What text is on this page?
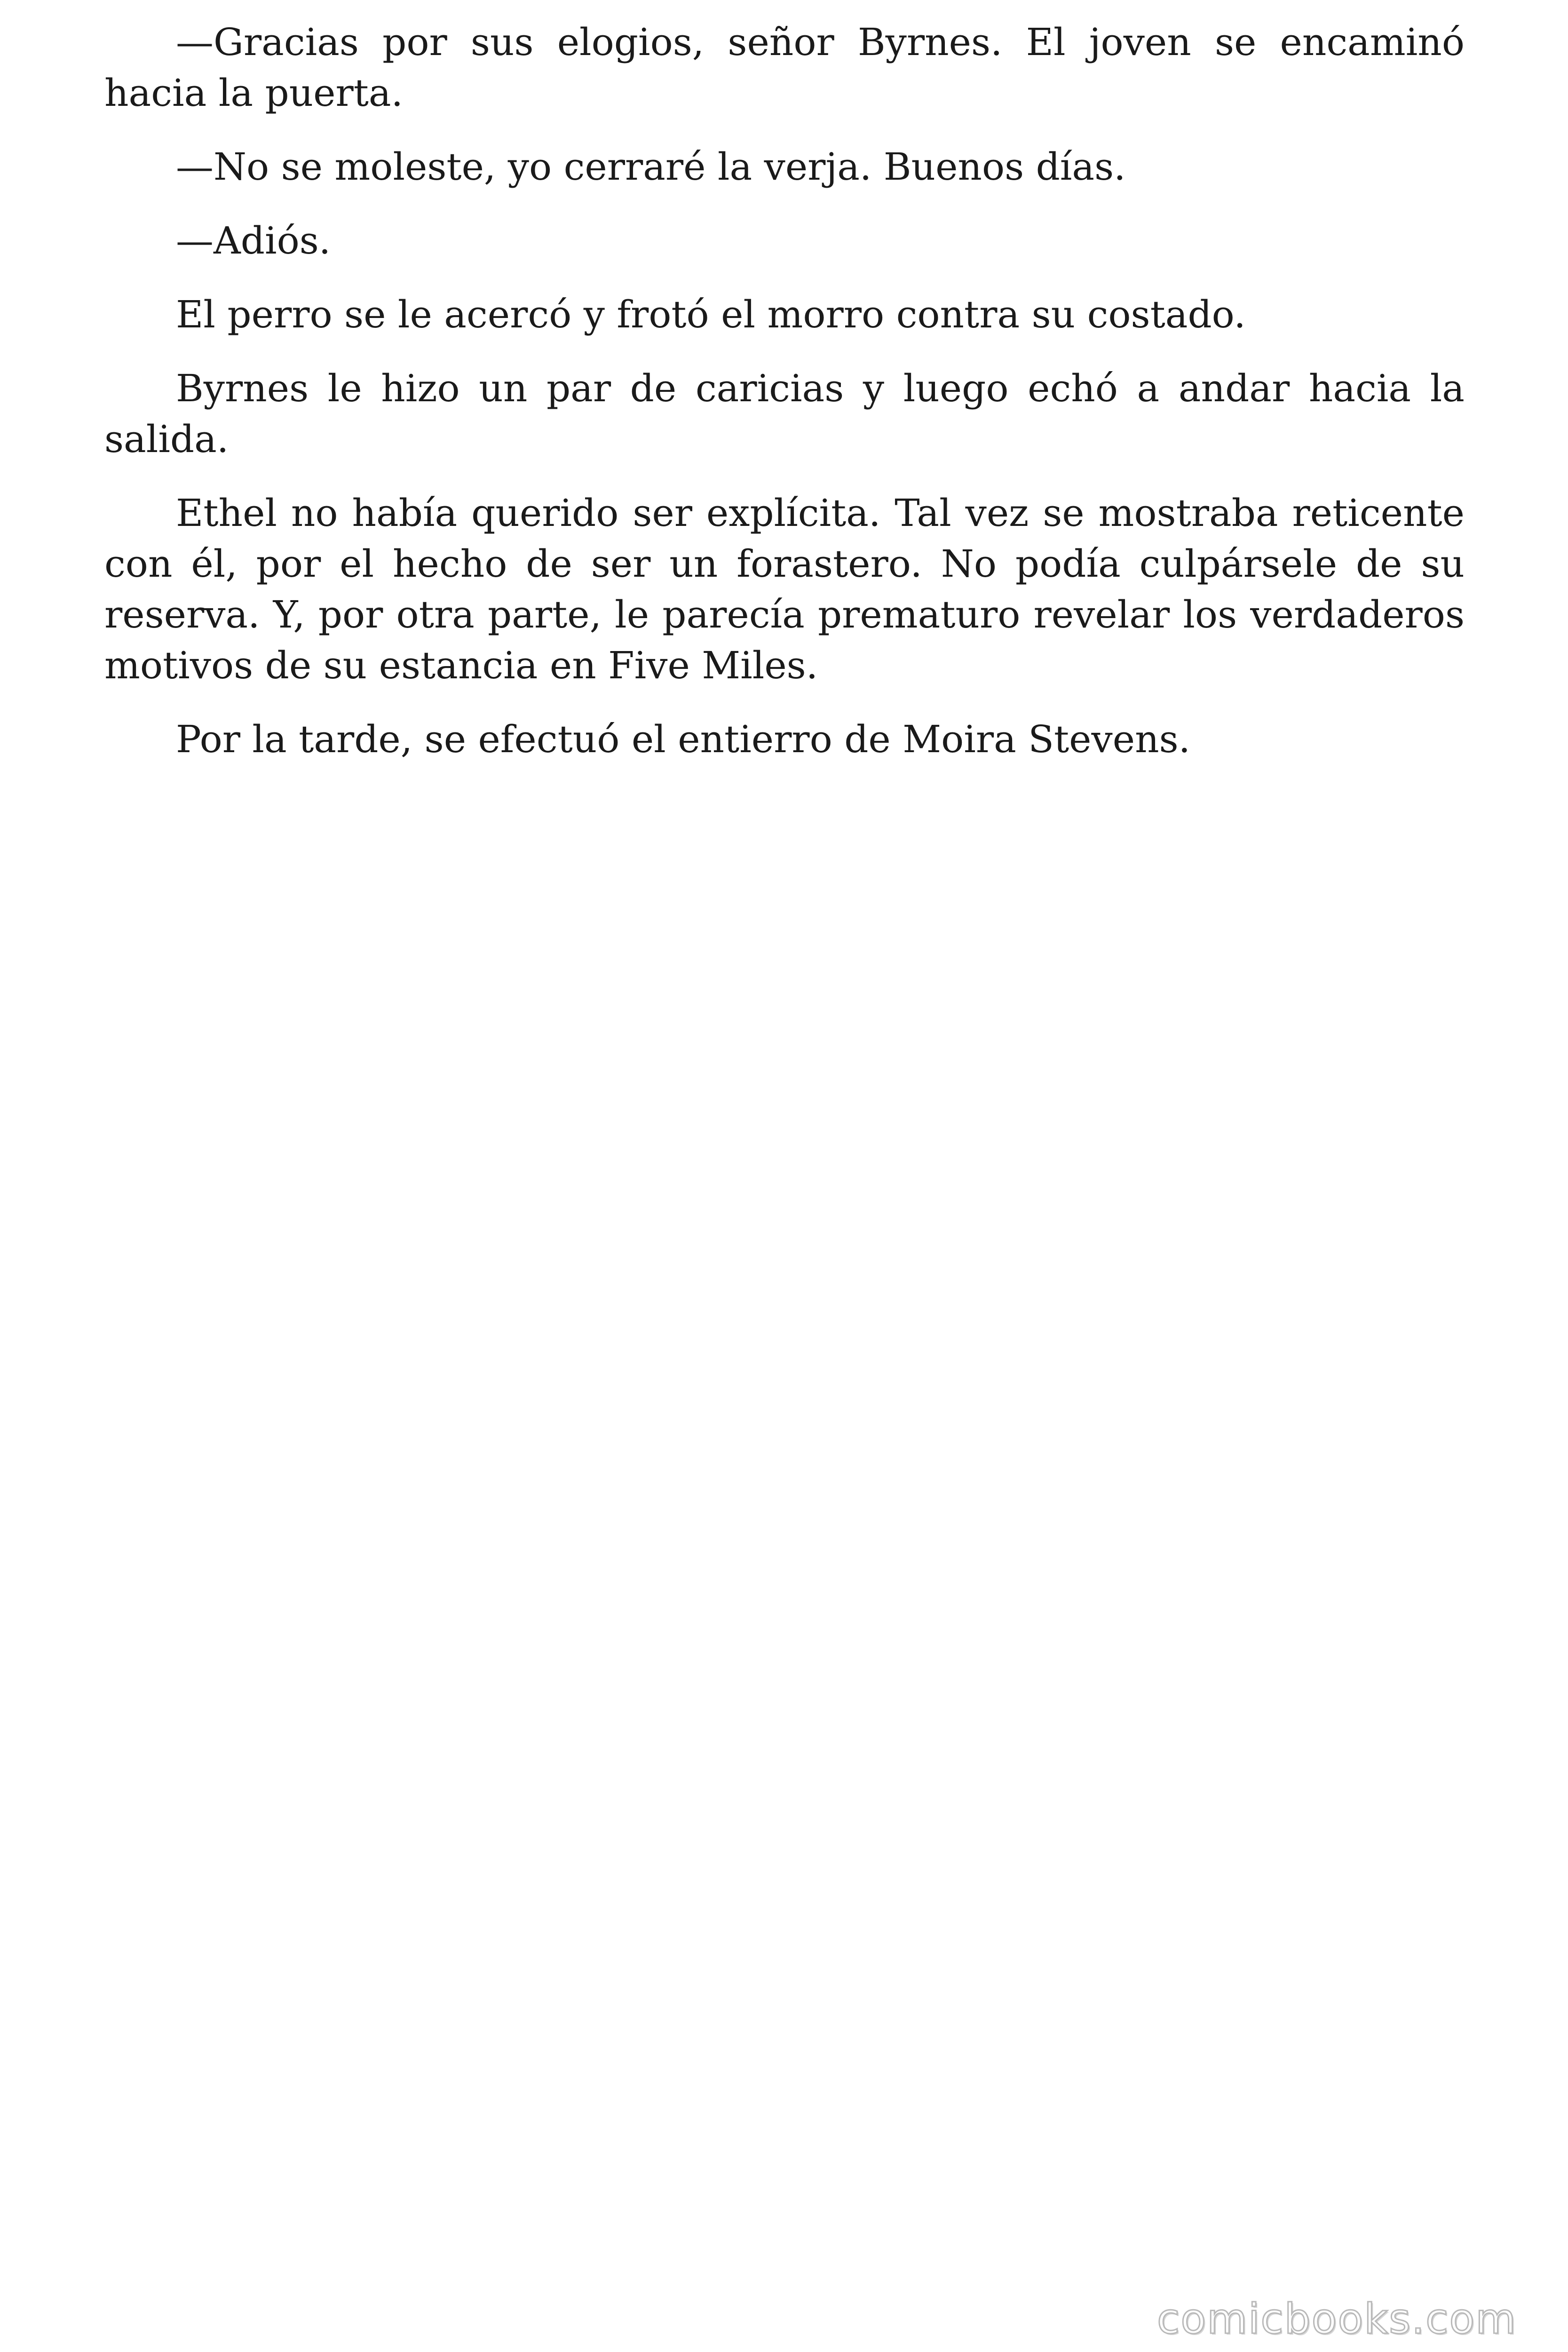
—Gracias por sus elogios, señor Byrnes. El joven se encaminó hacia la puerta.

—No se moleste, yo cerraré la verja. Buenos días.

—Adiós.

El perro se le acercó y frotó el morro contra su costado.

Byrnes le hizo un par de caricias y luego echó a andar hacia la salida.

Ethel no había querido ser explícita. Tal vez se mostraba reticente con él, por el hecho de ser un forastero. No podía culpársele de su reserva. Y, por otra parte, le parecía prematuro revelar los verdaderos motivos de su estancia en Five Miles.

Por la tarde, se efectuó el entierro de Moira Stevens.

comicbooks.com
